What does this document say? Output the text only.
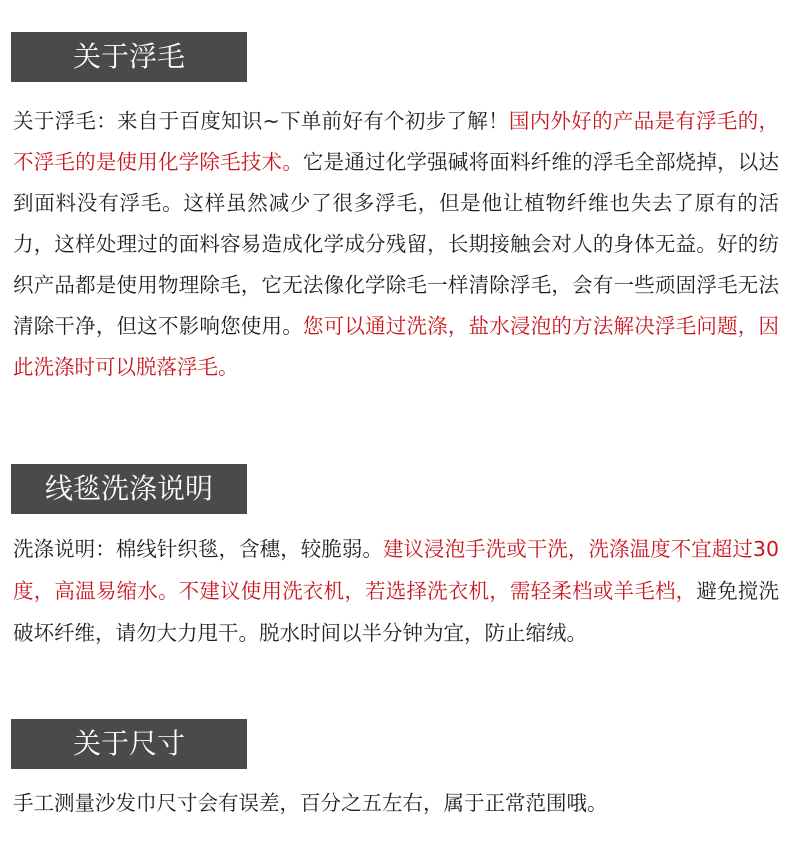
关于浮毛

关于浮毛：来自于百度知识~下单前好有个初步了解！国内外好的产品是有浮毛的，不浮毛的是使用化学除毛技术。它是通过化学强碱将面料纤维的浮毛全部烧掉，以达到面料没有浮毛。这样虽然减少了很多浮毛，但是他让植物纤维也失去了原有的活力，这样处理过的面料容易造成化学成分残留，长期接触会对人的身体无益。好的纺织产品都是使用物理除毛，它无法像化学除毛一样清除浮毛，会有一些顽固浮毛无法清除干净，但这不影响您使用。您可以通过洗涤，盐水浸泡的方法解决浮毛问题，因此洗涤时可以脱落浮毛。

线毯洗涤说明

洗涤说明：棉线针织毯，含穗，较脆弱。建议浸泡手洗或干洗，洗涤温度不宜超过30度，高温易缩水。不建议使用洗衣机，若选择洗衣机，需轻柔档或羊毛档，避免搅洗破坏纤维，请勿大力甩干。脱水时间以半分钟为宜，防止缩绒。

关于尺寸

手工测量沙发巾尺寸会有误差，百分之五左右，属于正常范围哦。
